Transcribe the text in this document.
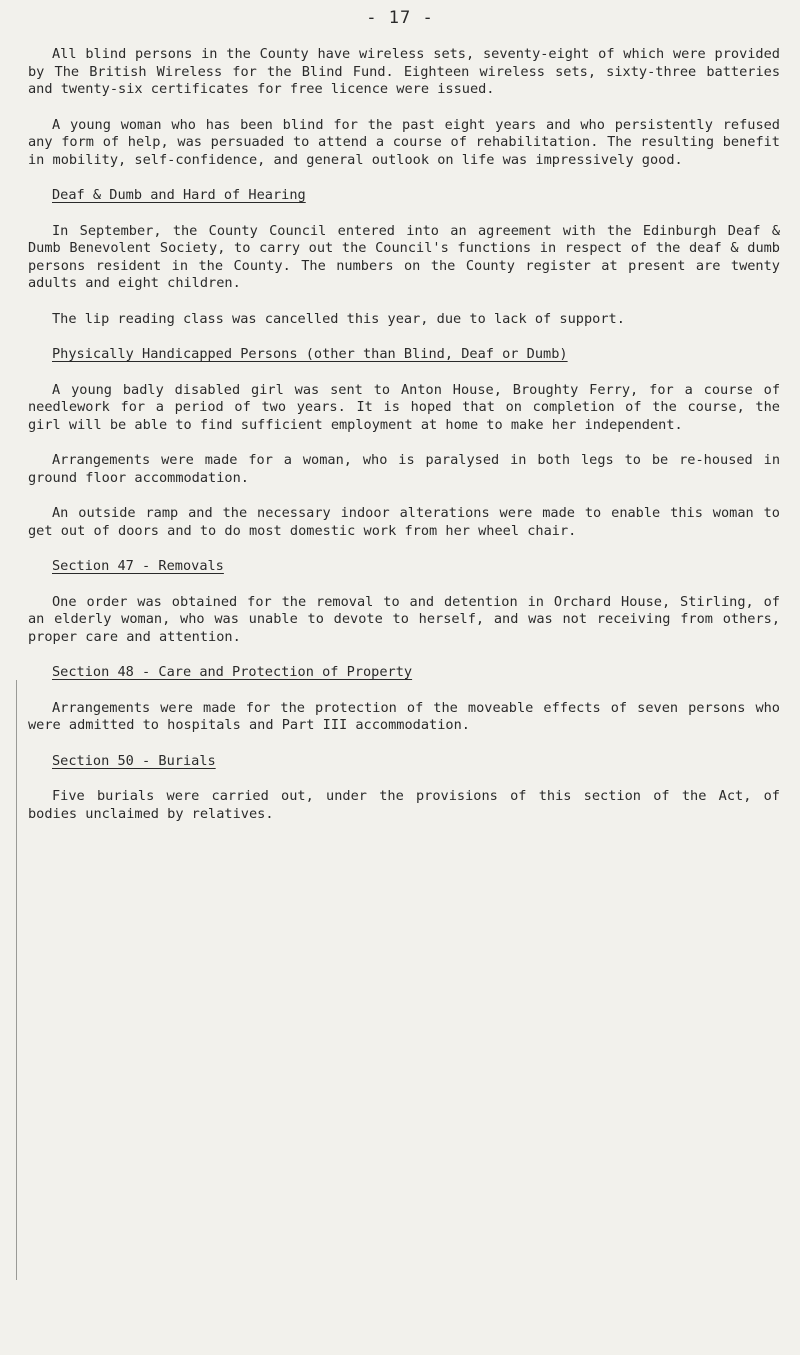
- 17 -

All blind persons in the County have wireless sets, seventy-eight of which were provided by The British Wireless for the Blind Fund. Eighteen wireless sets, sixty-three batteries and twenty-six certificates for free licence were issued.

A young woman who has been blind for the past eight years and who persistently refused any form of help, was persuaded to attend a course of rehabilitation. The resulting benefit in mobility, self-confidence, and general outlook on life was impressively good.

Deaf & Dumb and Hard of Hearing

In September, the County Council entered into an agreement with the Edinburgh Deaf & Dumb Benevolent Society, to carry out the Council's functions in respect of the deaf & dumb persons resident in the County. The numbers on the County register at present are twenty adults and eight children.

The lip reading class was cancelled this year, due to lack of support.

Physically Handicapped Persons (other than Blind, Deaf or Dumb)

A young badly disabled girl was sent to Anton House, Broughty Ferry, for a course of needlework for a period of two years. It is hoped that on completion of the course, the girl will be able to find sufficient employment at home to make her independent.

Arrangements were made for a woman, who is paralysed in both legs to be re-housed in ground floor accommodation.

An outside ramp and the necessary indoor alterations were made to enable this woman to get out of doors and to do most domestic work from her wheel chair.

Section 47 - Removals

One order was obtained for the removal to and detention in Orchard House, Stirling, of an elderly woman, who was unable to devote to herself, and was not receiving from others, proper care and attention.

Section 48 - Care and Protection of Property

Arrangements were made for the protection of the moveable effects of seven persons who were admitted to hospitals and Part III accommodation.

Section 50 - Burials

Five burials were carried out, under the provisions of this section of the Act, of bodies unclaimed by relatives.
